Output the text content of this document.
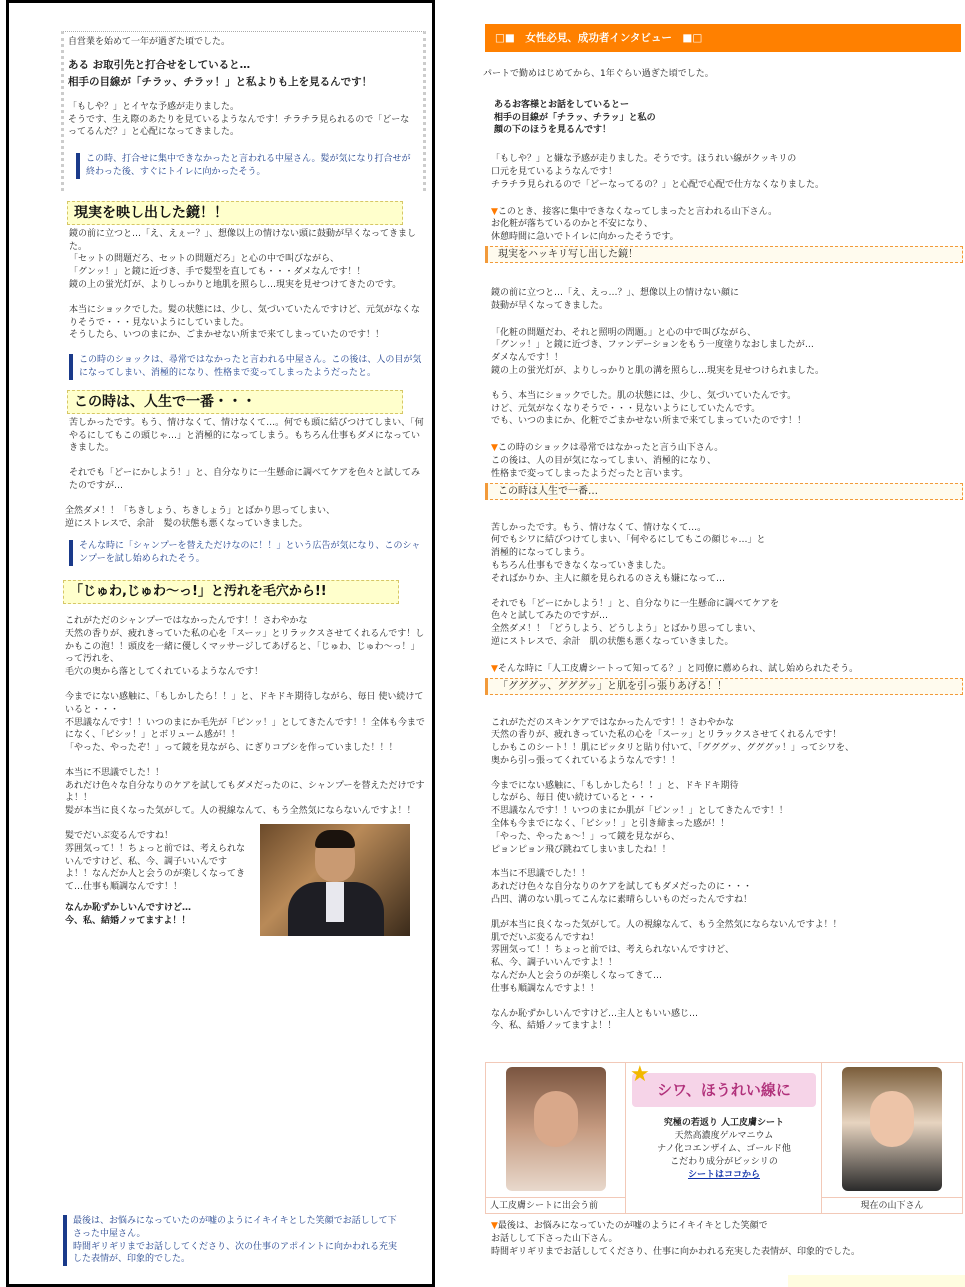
自営業を始めて一年が過ぎた頃でした。

ある お取引先と打合せをしていると…
相手の目線が「チラッ、チラッ！」と私よりも上を見るんです！

「もしや？」とイヤな予感が走りました。
そうです、生え際のあたりを見ているようなんです！チラチラ見られるので「どーなってるんだ？」と心配になってきました。

この時、打合せに集中できなかったと言われる中屋さん。髪が気になり打合せが終わった後、すぐにトイレに向かったそう。

現実を映し出した鏡！！

鏡の前に立つと…「え、えぇー？」、想像以上の情けない頭に鼓動が早くなってきました。
「セットの問題だろ、セットの問題だろ」と心の中で叫びながら、
「グンッ！」と鏡に近づき、手で髪型を直しても・・・ダメなんです！！
鏡の上の蛍光灯が、よりしっかりと地肌を照らし…現実を見せつけてきたのです。

本当にショックでした。髪の状態には、少し、気づいていたんですけど、元気がなくなりそうで・・・見ないようにしていました。
そうしたら、いつのまにか、ごまかせない所まで来てしまっていたのです！！

この時のショックは、尋常ではなかったと言われる中屋さん。この後は、人の目が気になってしまい、消極的になり、性格まで変ってしまったようだったと。

この時は、人生で一番・・・

苦しかったです。もう、情けなくて、情けなくて…。何でも頭に結びつけてしまい、「何やるにしてもこの頭じゃ…」と消極的になってしまう。もちろん仕事もダメになっていきました。

それでも「どーにかしよう！」と、自分なりに一生懸命に調べてケアを色々と試してみたのですが…

全然ダメ！！「ちきしょう、ちきしょう」とばかり思ってしまい、
逆にストレスで、余計　髪の状態も悪くなっていきました。

そんな時に「シャンプーを替えただけなのに！！」という広告が気になり、このシャンプーを試し始められたそう。

「じゅわ,じゅわ〜っ!」と汚れを毛穴から!!

これがただのシャンプーではなかったんです！！さわやかな
天然の香りが、疲れきっていた私の心を「スーッ」とリラックスさせてくれるんです！しかもこの泡！！頭皮を一緒に優しくマッサージしてあげると、「じゅわ、じゅわ〜っ！」って汚れを、
毛穴の奥から落としてくれているようなんです！

今までにない感触に、「もしかしたら！！」と、ドキドキ期待しながら、毎日 使い続けていると・・・
不思議なんです！！いつのまにか毛先が「ピンッ！」としてきたんです！！全体も今までになく、「ピシッ！」とボリューム感が！！
「やった、やったぞ！」って鏡を見ながら、にぎりコブシを作っていました！！！

本当に不思議でした！！
あれだけ色々な自分なりのケアを試してもダメだったのに、シャンプーを替えただけですよ！！
髪が本当に良くなった気がして。人の視線なんて、もう全然気にならないんですよ！！

髪でだいぶ変るんですね！
雰囲気って！！ちょっと前では、考えられないんですけど、私、今、調子いいんですよ！！なんだか人と会うのが楽しくなってきて…仕事も順調なんです！！

なんか恥ずかしいんですけど…
今、私、結婚ノッてますよ！！

最後は、お悩みになっていたのが嘘のようにイキイキとした笑顔でお話しして下さった中屋さん。
時間ギリギリまでお話ししてくださり、次の仕事のアポイントに向かわれる充実した表情が、印象的でした。

□■　女性必見、成功者インタビュー　■□

パートで勤めはじめてから、1年ぐらい過ぎた頃でした。

あるお客様とお話をしているとー
相手の目線が「チラッ、チラッ」と私の
顔の下のほうを見るんです！

「もしや？」と嫌な予感が走りました。そうです。ほうれい線がクッキリの
口元を見ているようなんです！
チラチラ見られるので「どーなってるの？」と心配で心配で仕方なくなりました。

▼このとき、接客に集中できなくなってしまったと言われる山下さん。
お化粧が落ちているのかと不安になり、
休憩時間に急いでトイレに向かったそうです。

現実をハッキリ写し出した鏡！

鏡の前に立つと…「え、えっ…？」、想像以上の情けない顔に
鼓動が早くなってきました。

「化粧の問題だわ、それと照明の問題。」と心の中で叫びながら、
「グンッ！」と鏡に近づき、ファンデーションをもう一度塗りなおしましたが…
ダメなんです！！
鏡の上の蛍光灯が、よりしっかりと肌の溝を照らし…現実を見せつけられました。

もう、本当にショックでした。肌の状態には、少し、気づいていたんです。
けど、元気がなくなりそうで・・・見ないようにしていたんです。
でも、いつのまにか、化粧でごまかせない所まで来てしまっていたのです！！

▼この時のショックは尋常ではなかったと言う山下さん。
この後は、人の目が気になってしまい、消極的になり、
性格まで変ってしまったようだったと言います。

この時は人生で一番…

苦しかったです。もう、情けなくて、情けなくて…。
何でもシワに結びつけてしまい、「何やるにしてもこの顔じゃ…」と
消極的になってしまう。
もちろん仕事もできなくなっていきました。
そればかりか、主人に顔を見られるのさえも嫌になって…

それでも「どーにかしよう！」と、自分なりに一生懸命に調べてケアを
色々と試してみたのですが…
全然ダメ！！「どうしよう、どうしよう」とばかり思ってしまい、
逆にストレスで、余計　肌の状態も悪くなっていきました。

▼そんな時に「人工皮膚シートって知ってる？」と同僚に薦められ、試し始められたそう。

「グググッ、グググッ」と肌を引っ張りあげる！！

これがただのスキンケアではなかったんです！！さわやかな
天然の香りが、疲れきっていた私の心を「スーッ」とリラックスさせてくれるんです！
しかもこのシート！！肌にピッタリと貼り付いて、「グググッ、グググッ！」ってシワを、
奥から引っ張ってくれているようなんです！！

今までにない感触に、「もしかしたら！！」と、ドキドキ期待
しながら、毎日 使い続けていると・・・
不思議なんです！！いつのまにか肌が「ピンッ！」としてきたんです！！
全体も今までになく、「ピシッ！」と引き締まった感が！！
「やった、やったぁ〜！」って鏡を見ながら、
ピョンピョン飛び跳ねてしまいましたね！！

本当に不思議でした！！
あれだけ色々な自分なりのケアを試してもダメだったのに・・・
凸凹、溝のない肌ってこんなに素晴らしいものだったんですね！

肌が本当に良くなった気がして。人の視線なんて、もう全然気にならないんですよ！！
肌でだいぶ変るんですね！
雰囲気って！！ちょっと前では、考えられないんですけど、
私、今、調子いいんですよ！！
なんだか人と会うのが楽しくなってきて…
仕事も順調なんですよ！！

なんか恥ずかしいんですけど…主人ともいい感じ…
今、私、結婚ノッてますよ！！

人工皮膚シートに出会う前
★
シワ、ほうれい線に

究極の若返り 人工皮膚シート

天然高濃度ゲルマニウム
ナノ化コエンザイム、ゴールド他
こだわり成分がビッシリの

シートはココから
現在の山下さん

▼最後は、お悩みになっていたのが嘘のようにイキイキとした笑顔で
お話しして下さった山下さん。
時間ギリギリまでお話ししてくださり、仕事に向かわれる充実した表情が、印象的でした。
